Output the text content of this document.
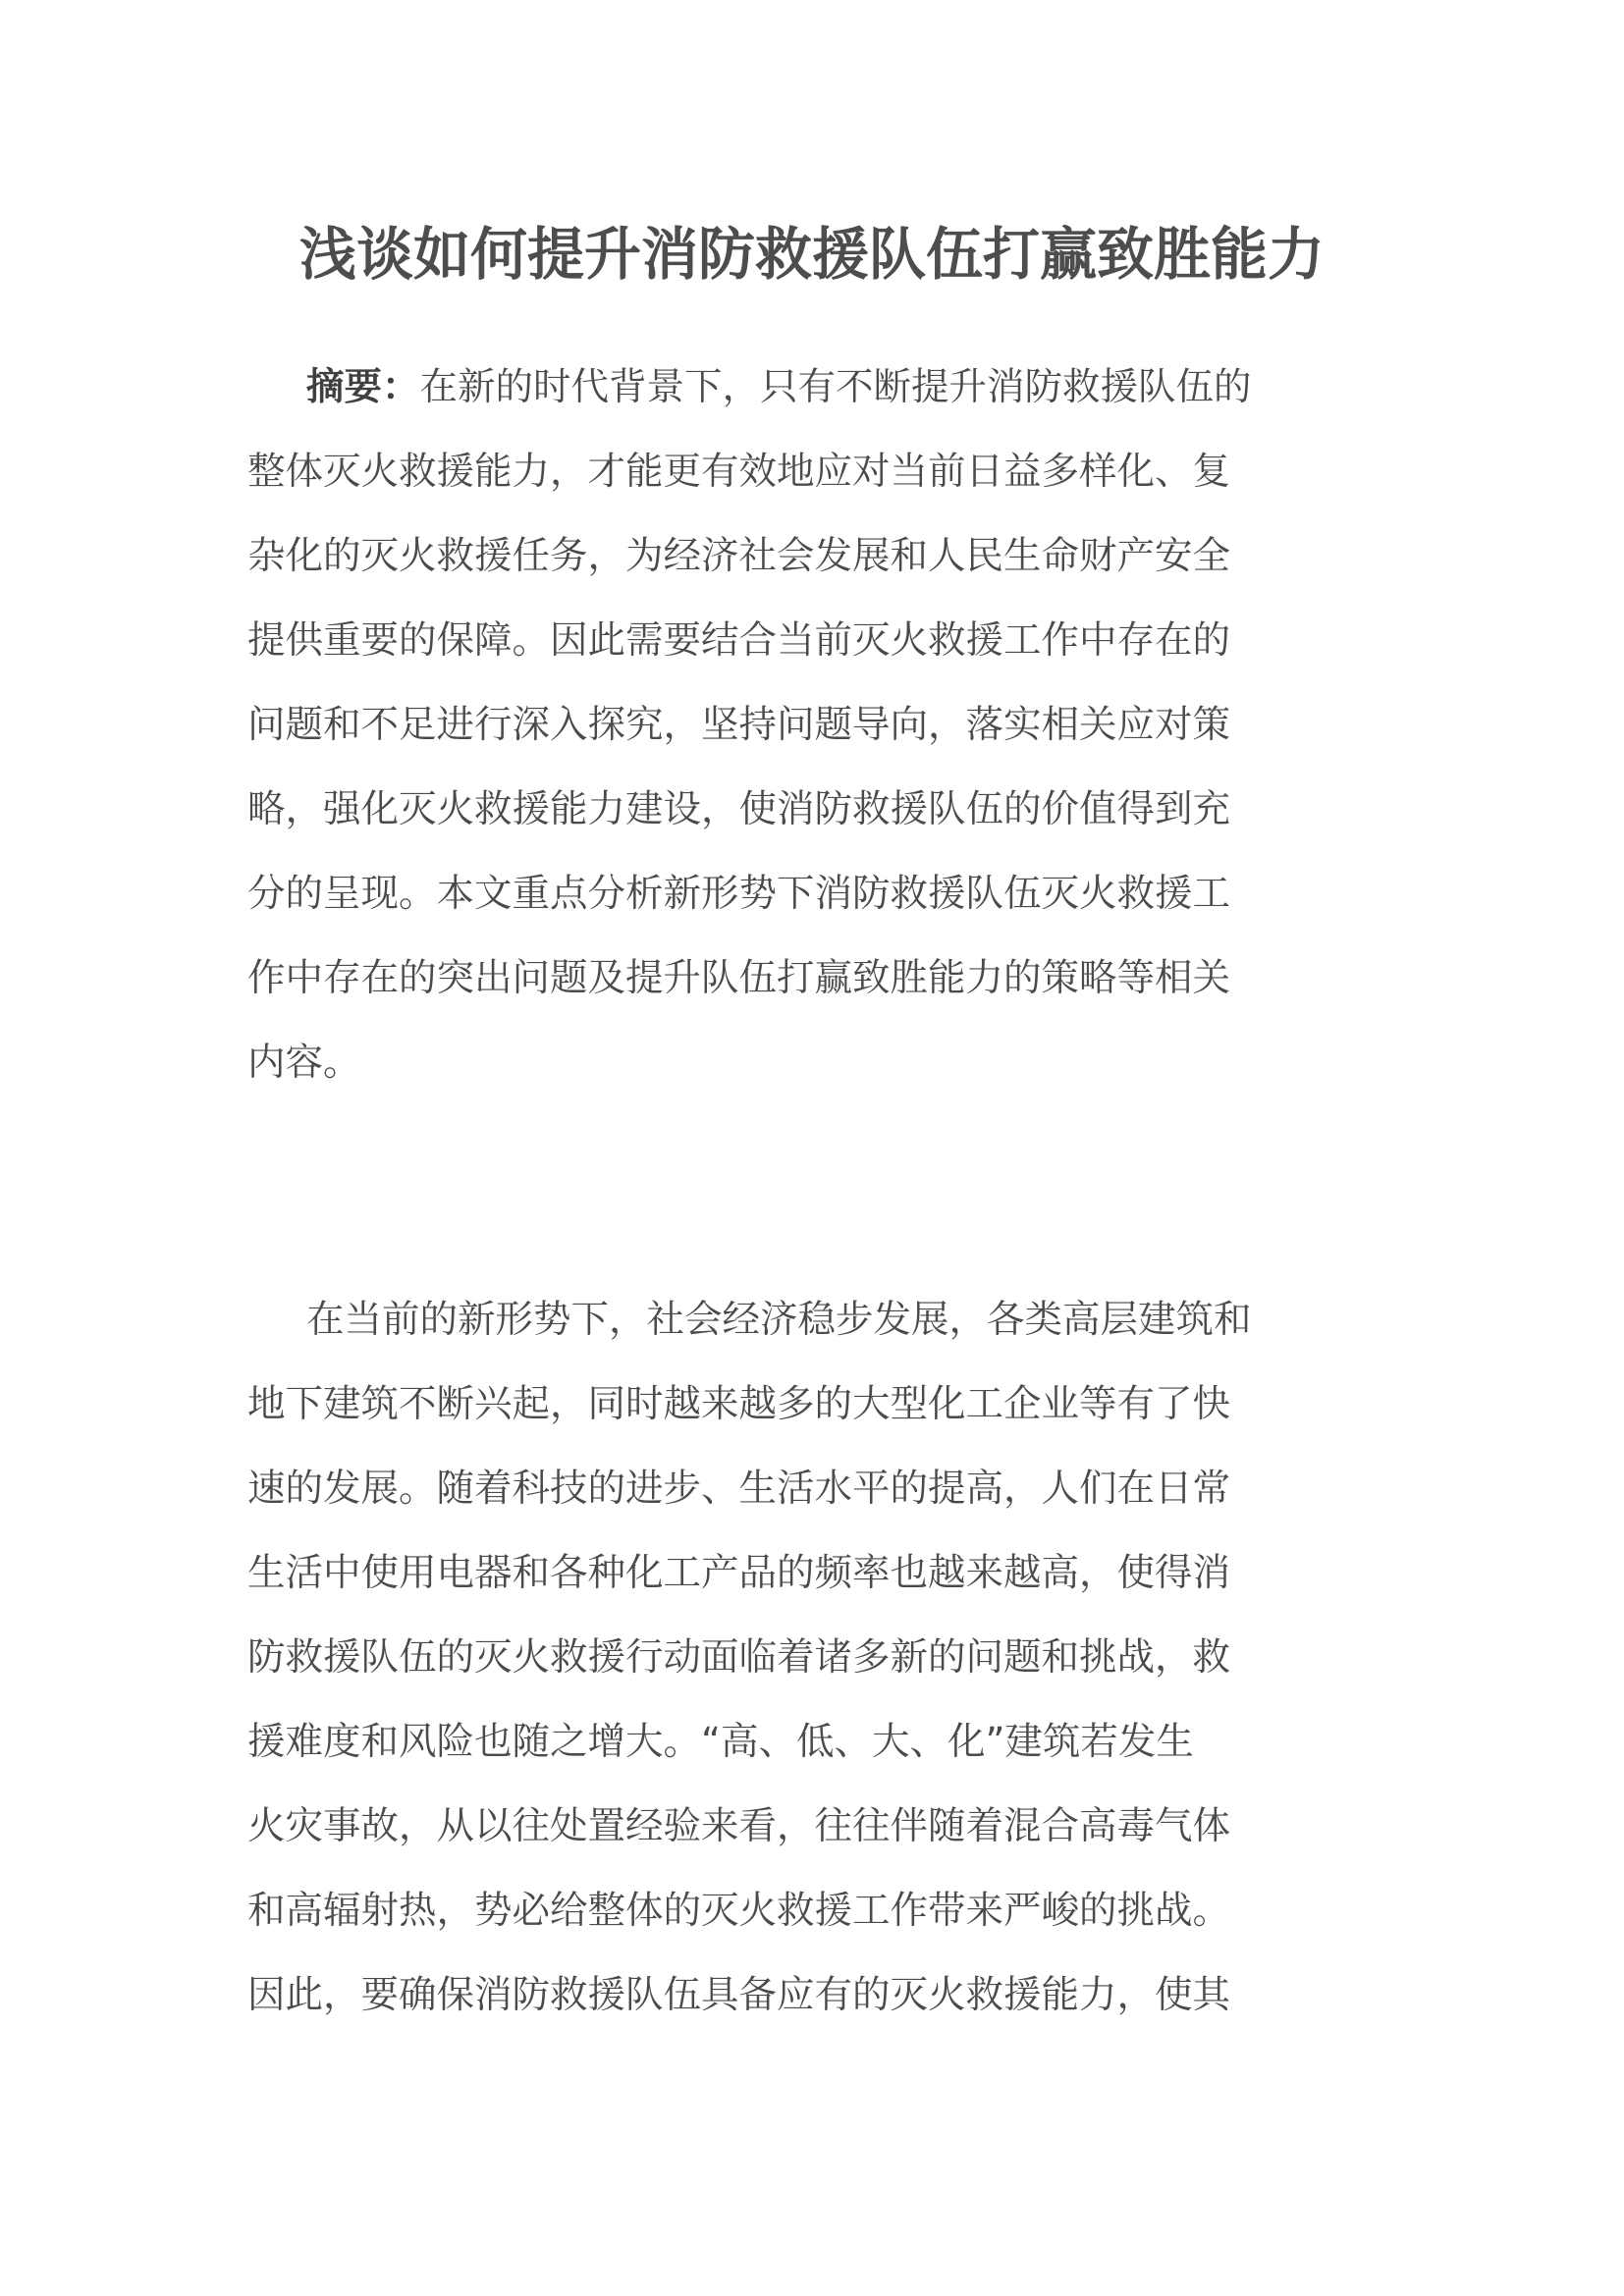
浅谈如何提升消防救援队伍打赢致胜能力
摘要：在新的时代背景下，只有不断提升消防救援队伍的
整体灭火救援能力，才能更有效地应对当前日益多样化、复
杂化的灭火救援任务，为经济社会发展和人民生命财产安全
提供重要的保障。因此需要结合当前灭火救援工作中存在的
问题和不足进行深入探究，坚持问题导向，落实相关应对策
略，强化灭火救援能力建设，使消防救援队伍的价值得到充
分的呈现。本文重点分析新形势下消防救援队伍灭火救援工
作中存在的突出问题及提升队伍打赢致胜能力的策略等相关
内容。
在当前的新形势下，社会经济稳步发展，各类高层建筑和
地下建筑不断兴起，同时越来越多的大型化工企业等有了快
速的发展。随着科技的进步、生活水平的提高，人们在日常
生活中使用电器和各种化工产品的频率也越来越高，使得消
防救援队伍的灭火救援行动面临着诸多新的问题和挑战，救
援难度和风险也随之增大。“高、低、大、化”建筑若发生
火灾事故，从以往处置经验来看，往往伴随着混合高毒气体
和高辐射热，势必给整体的灭火救援工作带来严峻的挑战。
因此，要确保消防救援队伍具备应有的灭火救援能力，使其
